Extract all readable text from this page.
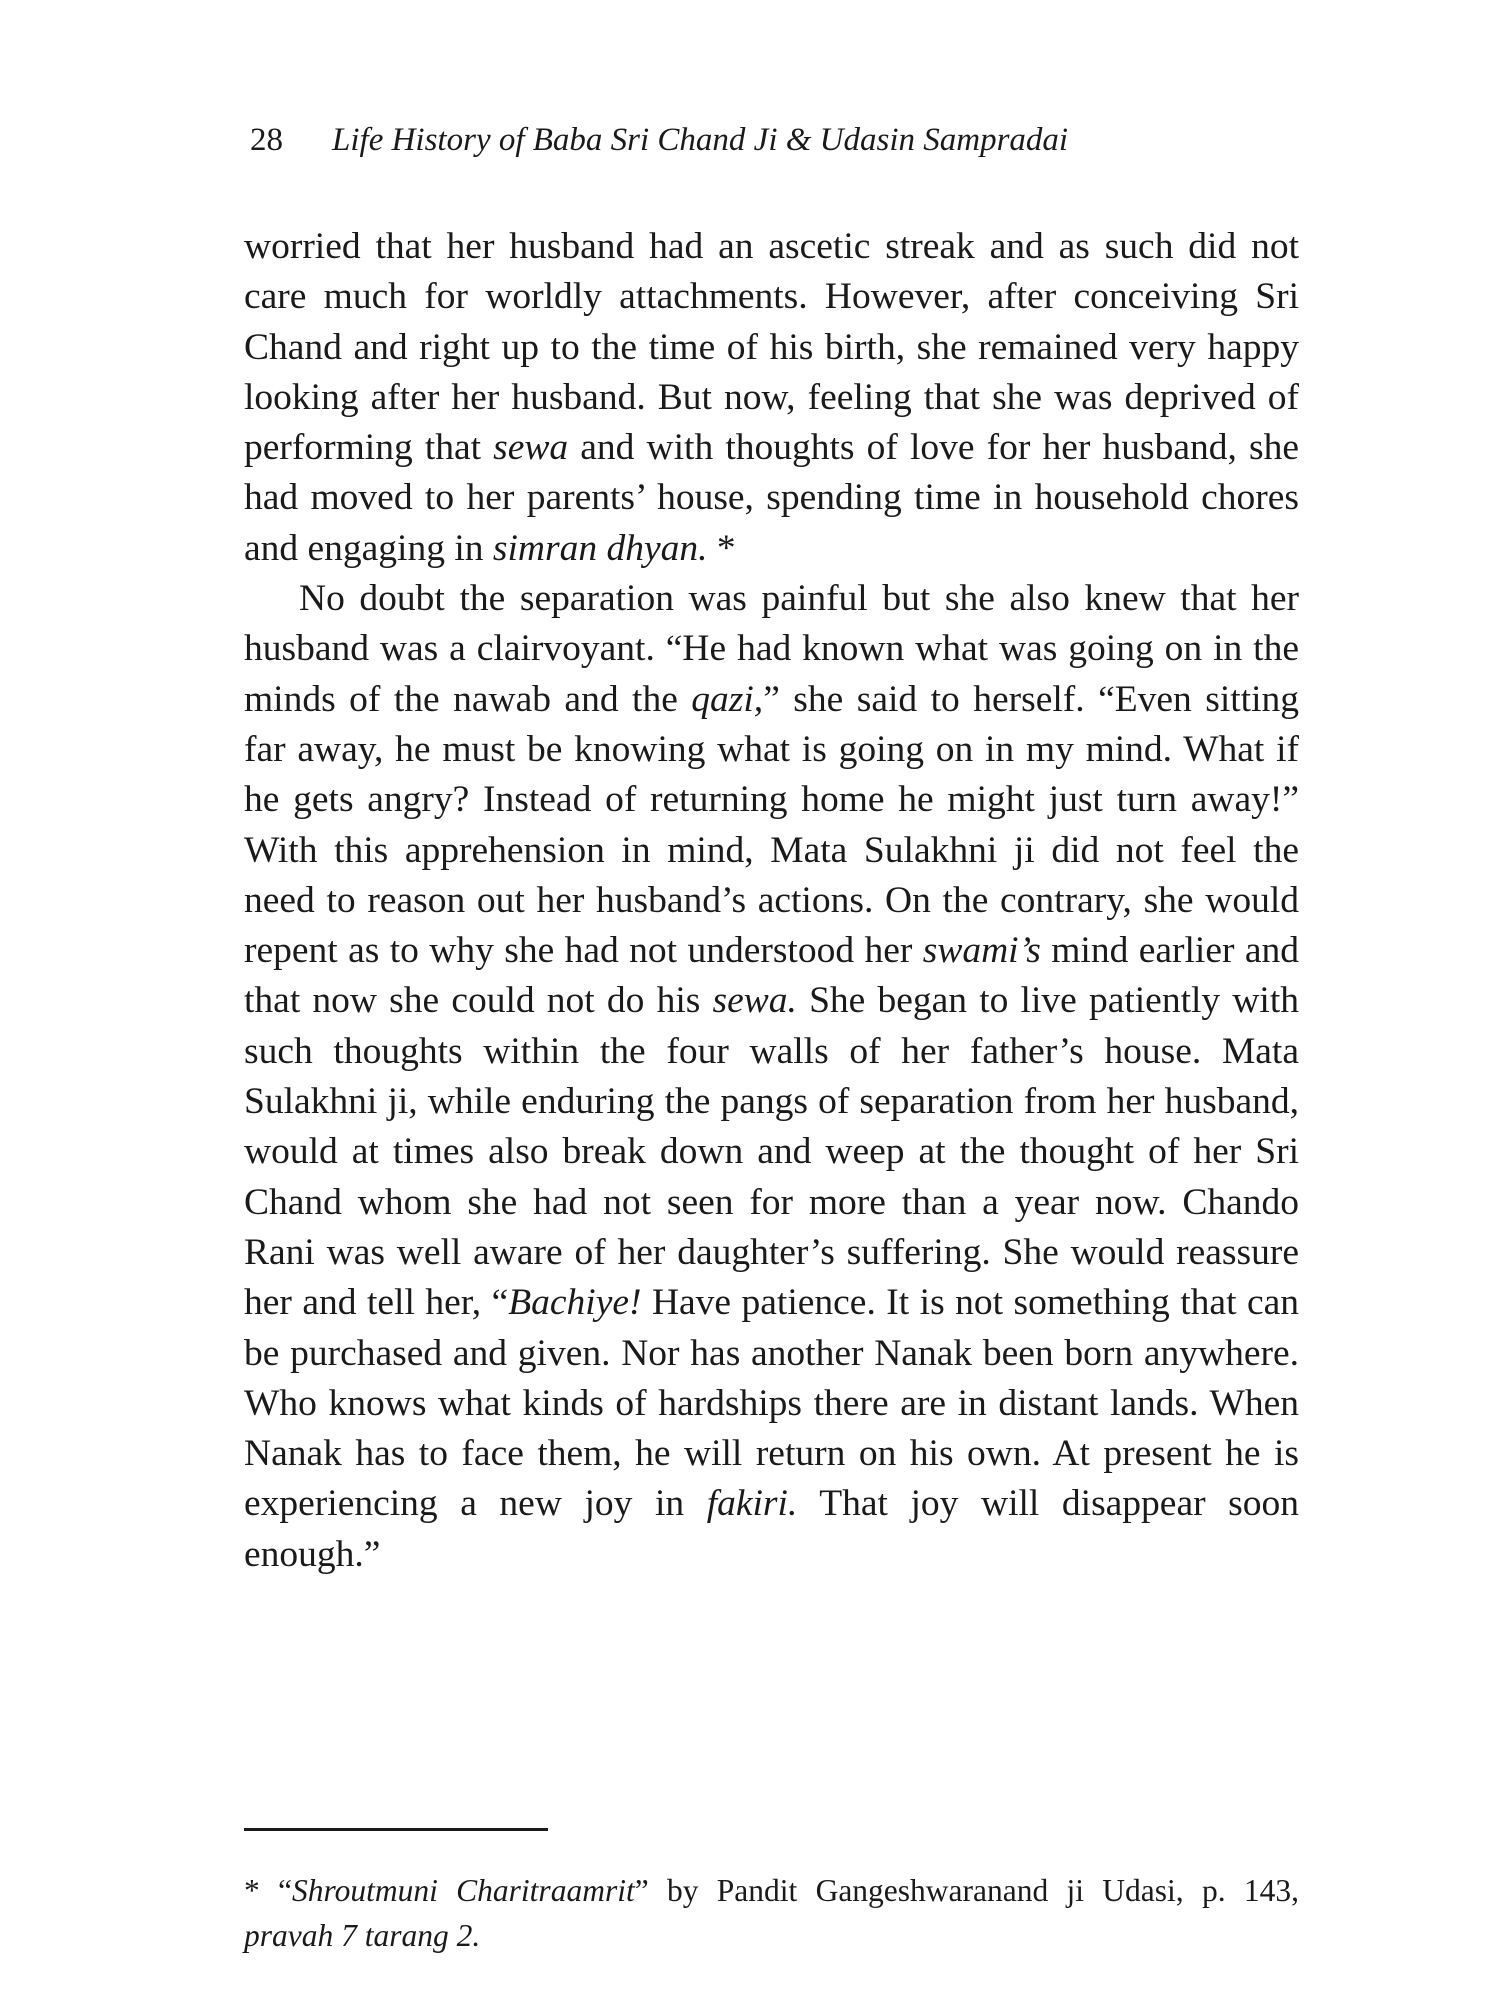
28 Life History of Baba Sri Chand Ji & Udasin Sampradai

worried that her husband had an ascetic streak and as such did not care much for worldly attachments. However, after conceiving Sri Chand and right up to the time of his birth, she remained very happy looking after her husband. But now, feeling that she was deprived of performing that sewa and with thoughts of love for her husband, she had moved to her parents’ house, spending time in household chores and engaging in simran dhyan. *

No doubt the separation was painful but she also knew that her husband was a clairvoyant. “He had known what was going on in the minds of the nawab and the qazi,” she said to herself. “Even sitting far away, he must be knowing what is going on in my mind. What if he gets angry? Instead of returning home he might just turn away!” With this apprehension in mind, Mata Sulakhni ji did not feel the need to reason out her husband’s actions. On the contrary, she would repent as to why she had not understood her swami’s mind earlier and that now she could not do his sewa. She began to live patiently with such thoughts within the four walls of her father’s house. Mata Sulakhni ji, while enduring the pangs of separation from her husband, would at times also break down and weep at the thought of her Sri Chand whom she had not seen for more than a year now. Chando Rani was well aware of her daughter’s suffering. She would reassure her and tell her, “Bachiye! Have patience. It is not something that can be purchased and given. Nor has another Nanak been born anywhere. Who knows what kinds of hardships there are in distant lands. When Nanak has to face them, he will return on his own. At present he is experiencing a new joy in fakiri. That joy will disappear soon enough.”

* “Shroutmuni Charitraamrit” by Pandit Gangeshwaranand ji Udasi, p. 143, pravah 7 tarang 2.
